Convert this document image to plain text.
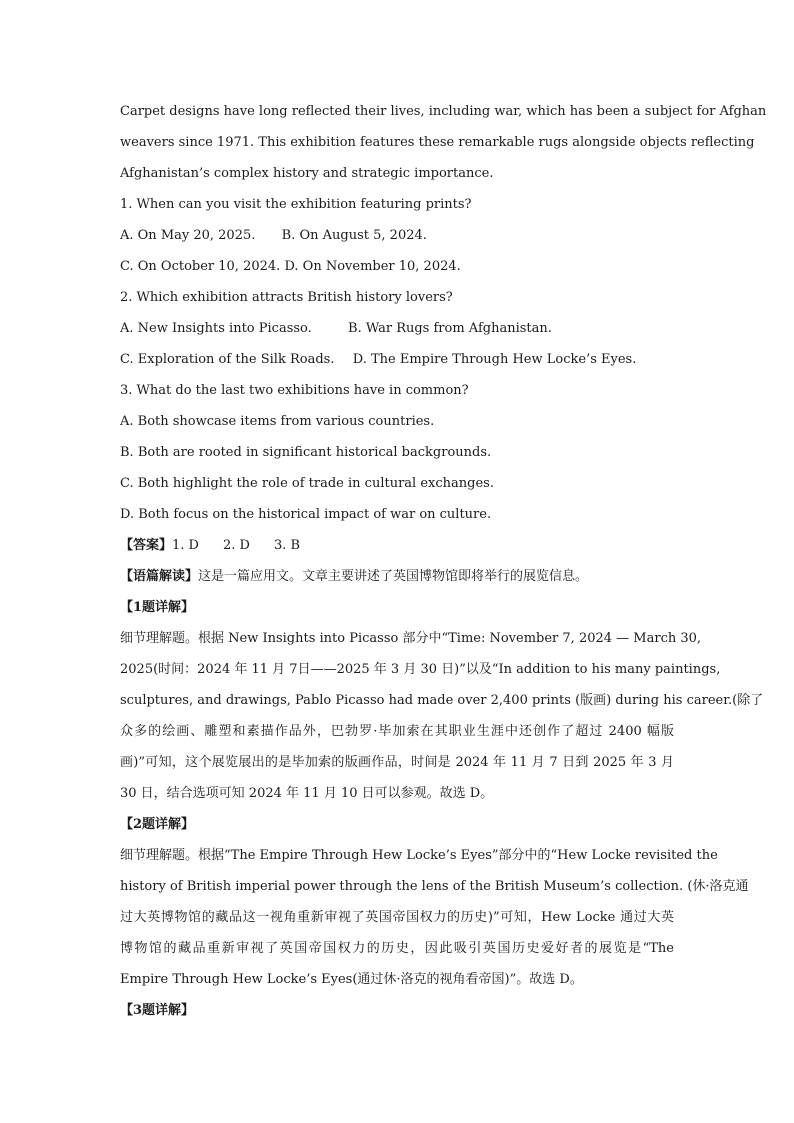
Carpet designs have long reflected their lives, including war, which has been a subject for Afghan
weavers since 1971. This exhibition features these remarkable rugs alongside objects reflecting
Afghanistan’s complex history and strategic importance.
1. When can you visit the exhibition featuring prints?
A. On May 20, 2025. B. On August 5, 2024.
C. On October 10, 2024. D. On November 10, 2024.
2. Which exhibition attracts British history lovers?
A. New Insights into Picasso.	B. War Rugs from Afghanistan.
C. Exploration of the Silk Roads. D. The Empire Through Hew Locke’s Eyes.
3. What do the last two exhibitions have in common?
A. Both showcase items from various countries.
B. Both are rooted in significant historical backgrounds.
C. Both highlight the role of trade in cultural exchanges.
D. Both focus on the historical impact of war on culture.
【答案】1. D 2. D 3. B
【语篇解读】这是一篇应用文。文章主要讲述了英国博物馆即将举行的展览信息。
【1题详解】
细节理解题。根据 New Insights into Picasso 部分中“Time: November 7, 2024 — March 30,
2025(时间：2024 年 11 月 7日——2025 年 3 月 30 日)”以及“In addition to his many paintings,
sculptures, and drawings, Pablo Picasso had made over 2,400 prints (版画) during his career.(除了
众多的绘画、雕塑和素描作品外，巴勃罗·毕加索在其职业生涯中还创作了超过 2400 幅版
画)”可知，这个展览展出的是毕加索的版画作品，时间是 2024 年 11 月 7 日到 2025 年 3 月
30 日，结合选项可知 2024 年 11 月 10 日可以参观。故选 D。
【2题详解】
细节理解题。根据“The Empire Through Hew Locke’s Eyes”部分中的“Hew Locke revisited the
history of British imperial power through the lens of the British Museum’s collection. (休·洛克通
过大英博物馆的藏品这一视角重新审视了英国帝国权力的历史)”可知，Hew Locke 通过大英
博物馆的藏品重新审视了英国帝国权力的历史，因此吸引英国历史爱好者的展览是“The
Empire Through Hew Locke’s Eyes(通过休·洛克的视角看帝国)”。故选 D。
【3题详解】
